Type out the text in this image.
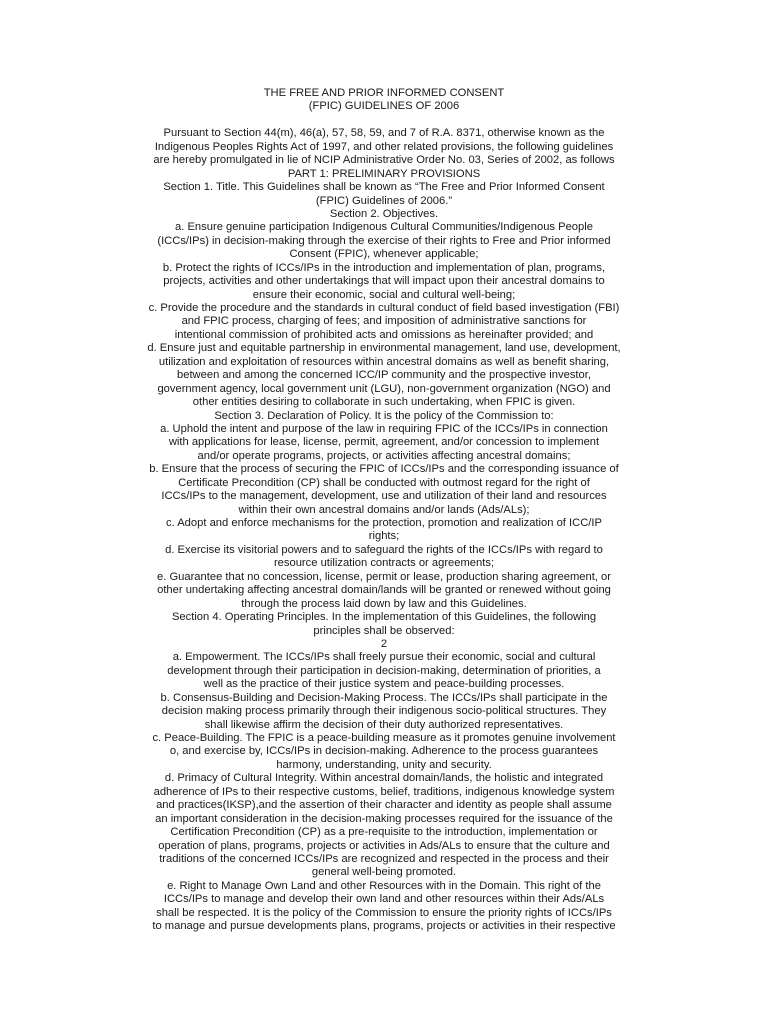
THE FREE AND PRIOR INFORMED CONSENT
(FPIC) GUIDELINES OF 2006
Pursuant to Section 44(m), 46(a), 57, 58, 59, and 7 of R.A. 8371, otherwise known as the
Indigenous Peoples Rights Act of 1997, and other related provisions, the following guidelines
are hereby promulgated in lie of NCIP Administrative Order No. 03, Series of 2002, as follows
PART 1: PRELIMINARY PROVISIONS
Section 1. Title. This Guidelines shall be known as “The Free and Prior Informed Consent
(FPIC) Guidelines of 2006.”
Section 2. Objectives.
a. Ensure genuine participation Indigenous Cultural Communities/Indigenous People
(ICCs/IPs) in decision-making through the exercise of their rights to Free and Prior informed
Consent (FPIC), whenever applicable;
b. Protect the rights of ICCs/IPs in the introduction and implementation of plan, programs,
projects, activities and other undertakings that will impact upon their ancestral domains to
ensure their economic, social and cultural well-being;
c. Provide the procedure and the standards in cultural conduct of field based investigation (FBI)
and FPIC process, charging of fees; and imposition of administrative sanctions for
intentional commission of prohibited acts and omissions as hereinafter provided; and
d. Ensure just and equitable partnership in environmental management, land use, development,
utilization and exploitation of resources within ancestral domains as well as benefit sharing,
between and among the concerned ICC/IP community and the prospective investor,
government agency, local government unit (LGU), non-government organization (NGO) and
other entities desiring to collaborate in such undertaking, when FPIC is given.
Section 3. Declaration of Policy. It is the policy of the Commission to:
a. Uphold the intent and purpose of the law in requiring FPIC of the ICCs/IPs in connection
with applications for lease, license, permit, agreement, and/or concession to implement
and/or operate programs, projects, or activities affecting ancestral domains;
b. Ensure that the process of securing the FPIC of ICCs/IPs and the corresponding issuance of
Certificate Precondition (CP) shall be conducted with outmost regard for the right of
ICCs/IPs to the management, development, use and utilization of their land and resources
within their own ancestral domains and/or lands (Ads/ALs);
c. Adopt and enforce mechanisms for the protection, promotion and realization of ICC/IP
rights;
d. Exercise its visitorial powers and to safeguard the rights of the ICCs/IPs with regard to
resource utilization contracts or agreements;
e. Guarantee that no concession, license, permit or lease, production sharing agreement, or
other undertaking affecting ancestral domain/lands will be granted or renewed without going
through the process laid down by law and this Guidelines.
Section 4. Operating Principles. In the implementation of this Guidelines, the following
principles shall be observed:
2
a. Empowerment. The ICCs/IPs shall freely pursue their economic, social and cultural
development through their participation in decision-making, determination of priorities, a
well as the practice of their justice system and peace-building processes.
b. Consensus-Building and Decision-Making Process. The ICCs/IPs shall participate in the
decision making process primarily through their indigenous socio-political structures. They
shall likewise affirm the decision of their duty authorized representatives.
c. Peace-Building. The FPIC is a peace-building measure as it promotes genuine involvement
o, and exercise by, ICCs/IPs in decision-making. Adherence to the process guarantees
harmony, understanding, unity and security.
d. Primacy of Cultural Integrity. Within ancestral domain/lands, the holistic and integrated
adherence of IPs to their respective customs, belief, traditions, indigenous knowledge system
and practices(IKSP),and the assertion of their character and identity as people shall assume
an important consideration in the decision-making processes required for the issuance of the
Certification Precondition (CP) as a pre-requisite to the introduction, implementation or
operation of plans, programs, projects or activities in Ads/ALs to ensure that the culture and
traditions of the concerned ICCs/IPs are recognized and respected in the process and their
general well-being promoted.
e. Right to Manage Own Land and other Resources with in the Domain. This right of the
ICCs/IPs to manage and develop their own land and other resources within their Ads/ALs
shall be respected. It is the policy of the Commission to ensure the priority rights of ICCs/IPs
to manage and pursue developments plans, programs, projects or activities in their respective
